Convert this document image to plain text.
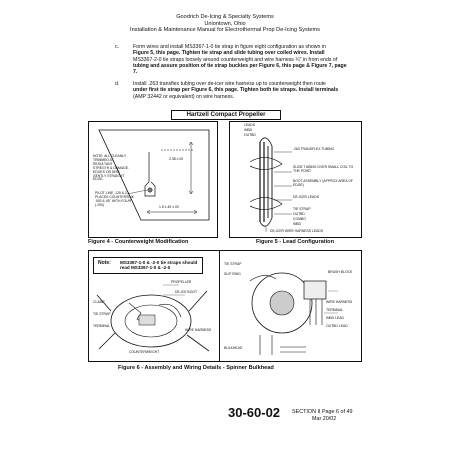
Goodrich De-Icing & Specialty Systems
Uniontown, Ohio
Installation & Maintenance Manual for Electrothermal Prop De-Icing Systems
c.	Form wires and install MS3367-1-0 tie strap in figure eight configuration as shown in
Figure 5, this page. Tighten tie strap and slide tubing over coiled wires. Install
MS3367-2-0 tie straps loosely around counterweight and wire harness ¼" in from ends of
tubing and assure position of tie strap buckles per Figure 6, this page & Figure 7, page
7.
d.	Install .263 transflex tubing over de-icer wire harness up to counterweight then route
under first tie strap per Figure 6, this page. Tighten both tie straps. Install terminals
(AMP 32442 or equivalent) on wire harness.
Hartzell Compact Propeller
NOTE: ALL CLEANLY TRIMMED AT RESULTANT STREGTH & DAMAGE. EDGES ON DISC GENTLY STRAIGHT EDGE.
2.38 ±.00
PILOT LINE .125 & 2 PLACES COUNTERSINK .500 & 45° WITH FOUR (.290)
1.5 ±.45 ±.00
Figure 4 - Counterweight Modification
LEADS
INBD
OUTBD
.263 TRANSFLEX TUBING
SLIDE TUBING OVER SMALL COIL TO THE POINT
BOOT ASSEMBLY (APPROX AREA OF EDGE)
DE-ICER LEADS
TIE STRAP
OUTBD
COMBO
INBD
DE-ICER WIRE HARNESS LEADS
Figure 5 - Lead Configuration
Note: MS3367-1-0 & -2-0 tie straps should read MS3367-1-0 & -2-0
PROPELLER
DE-ICE BOOT
CLAMP
TIE STRAP
TERMINAL
WIRE HARNESS
COUNTERWEIGHT
TIE STRAP
SLIP RING	BRUSH BLOCK
WIRE HARNESS
TERMINAL
INBD LEAD
OUTBD LEAD
BULKHEAD
Figure 6 - Assembly and Wiring Details - Spinner Bulkhead
30-60-02 SECTION II Page 6 of 49
Mar 20/02
